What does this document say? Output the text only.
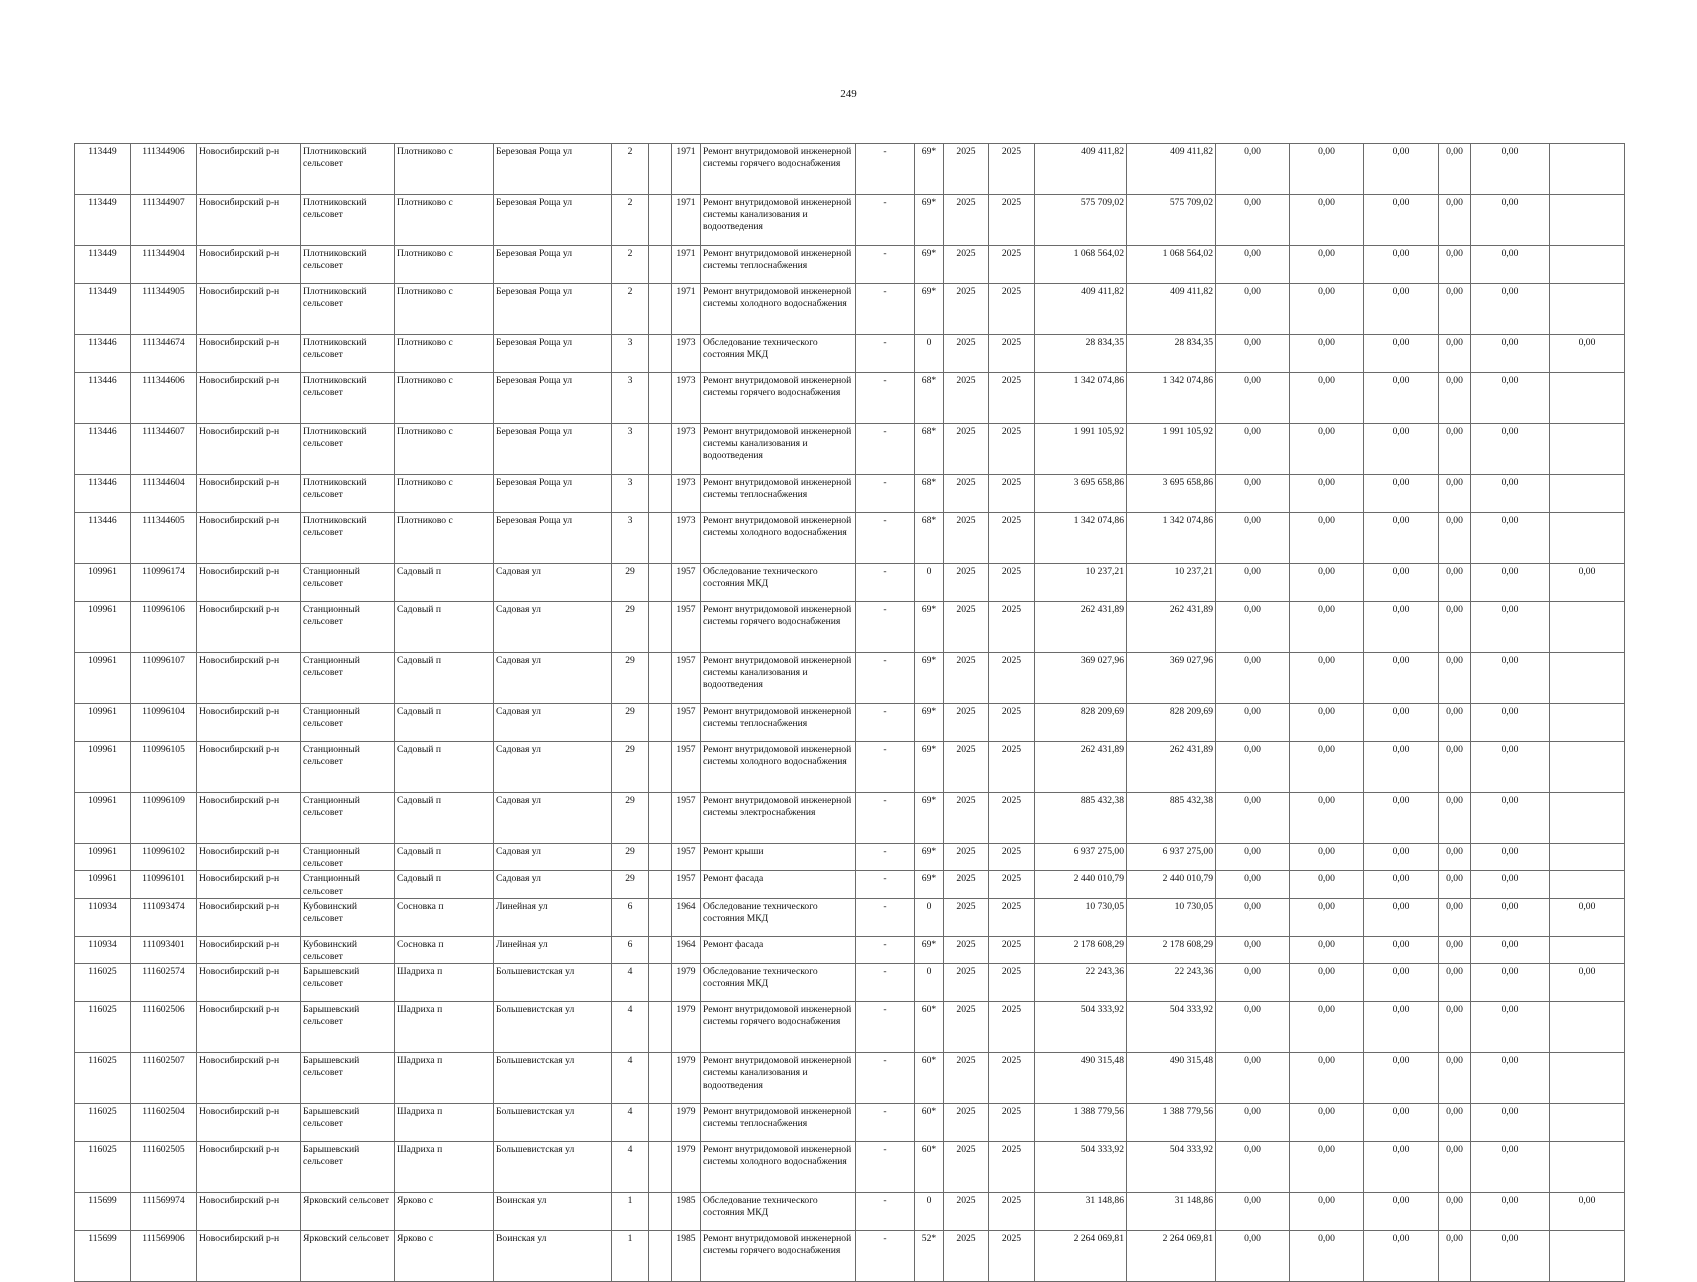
249
113449	111344906	Новосибирский р-н	Плотниковский сельсовет	Плотниково с	Березовая Роща ул	2		1971	Ремонт внутридомовой инженерной системы горячего водоснабжения	-	69*	2025	2025	409 411,82	409 411,82	0,00	0,00	0,00	0,00	0,00	
113449	111344907	Новосибирский р-н	Плотниковский сельсовет	Плотниково с	Березовая Роща ул	2		1971	Ремонт внутридомовой инженерной системы канализования и водоотведения	-	69*	2025	2025	575 709,02	575 709,02	0,00	0,00	0,00	0,00	0,00	
113449	111344904	Новосибирский р-н	Плотниковский сельсовет	Плотниково с	Березовая Роща ул	2		1971	Ремонт внутридомовой инженерной системы теплоснабжения	-	69*	2025	2025	1 068 564,02	1 068 564,02	0,00	0,00	0,00	0,00	0,00	
113449	111344905	Новосибирский р-н	Плотниковский сельсовет	Плотниково с	Березовая Роща ул	2		1971	Ремонт внутридомовой инженерной системы холодного водоснабжения	-	69*	2025	2025	409 411,82	409 411,82	0,00	0,00	0,00	0,00	0,00	
113446	111344674	Новосибирский р-н	Плотниковский сельсовет	Плотниково с	Березовая Роща ул	3		1973	Обследование технического состояния МКД	-	0	2025	2025	28 834,35	28 834,35	0,00	0,00	0,00	0,00	0,00	0,00
113446	111344606	Новосибирский р-н	Плотниковский сельсовет	Плотниково с	Березовая Роща ул	3		1973	Ремонт внутридомовой инженерной системы горячего водоснабжения	-	68*	2025	2025	1 342 074,86	1 342 074,86	0,00	0,00	0,00	0,00	0,00	
113446	111344607	Новосибирский р-н	Плотниковский сельсовет	Плотниково с	Березовая Роща ул	3		1973	Ремонт внутридомовой инженерной системы канализования и водоотведения	-	68*	2025	2025	1 991 105,92	1 991 105,92	0,00	0,00	0,00	0,00	0,00	
113446	111344604	Новосибирский р-н	Плотниковский сельсовет	Плотниково с	Березовая Роща ул	3		1973	Ремонт внутридомовой инженерной системы теплоснабжения	-	68*	2025	2025	3 695 658,86	3 695 658,86	0,00	0,00	0,00	0,00	0,00	
113446	111344605	Новосибирский р-н	Плотниковский сельсовет	Плотниково с	Березовая Роща ул	3		1973	Ремонт внутридомовой инженерной системы холодного водоснабжения	-	68*	2025	2025	1 342 074,86	1 342 074,86	0,00	0,00	0,00	0,00	0,00	
109961	110996174	Новосибирский р-н	Станционный сельсовет	Садовый п	Садовая ул	29		1957	Обследование технического состояния МКД	-	0	2025	2025	10 237,21	10 237,21	0,00	0,00	0,00	0,00	0,00	0,00
109961	110996106	Новосибирский р-н	Станционный сельсовет	Садовый п	Садовая ул	29		1957	Ремонт внутридомовой инженерной системы горячего водоснабжения	-	69*	2025	2025	262 431,89	262 431,89	0,00	0,00	0,00	0,00	0,00	
109961	110996107	Новосибирский р-н	Станционный сельсовет	Садовый п	Садовая ул	29		1957	Ремонт внутридомовой инженерной системы канализования и водоотведения	-	69*	2025	2025	369 027,96	369 027,96	0,00	0,00	0,00	0,00	0,00	
109961	110996104	Новосибирский р-н	Станционный сельсовет	Садовый п	Садовая ул	29		1957	Ремонт внутридомовой инженерной системы теплоснабжения	-	69*	2025	2025	828 209,69	828 209,69	0,00	0,00	0,00	0,00	0,00	
109961	110996105	Новосибирский р-н	Станционный сельсовет	Садовый п	Садовая ул	29		1957	Ремонт внутридомовой инженерной системы холодного водоснабжения	-	69*	2025	2025	262 431,89	262 431,89	0,00	0,00	0,00	0,00	0,00	
109961	110996109	Новосибирский р-н	Станционный сельсовет	Садовый п	Садовая ул	29		1957	Ремонт внутридомовой инженерной системы электроснабжения	-	69*	2025	2025	885 432,38	885 432,38	0,00	0,00	0,00	0,00	0,00	
109961	110996102	Новосибирский р-н	Станционный сельсовет	Садовый п	Садовая ул	29		1957	Ремонт крыши	-	69*	2025	2025	6 937 275,00	6 937 275,00	0,00	0,00	0,00	0,00	0,00	
109961	110996101	Новосибирский р-н	Станционный сельсовет	Садовый п	Садовая ул	29		1957	Ремонт фасада	-	69*	2025	2025	2 440 010,79	2 440 010,79	0,00	0,00	0,00	0,00	0,00	
110934	111093474	Новосибирский р-н	Кубовинский сельсовет	Сосновка п	Линейная ул	6		1964	Обследование технического состояния МКД	-	0	2025	2025	10 730,05	10 730,05	0,00	0,00	0,00	0,00	0,00	0,00
110934	111093401	Новосибирский р-н	Кубовинский сельсовет	Сосновка п	Линейная ул	6		1964	Ремонт фасада	-	69*	2025	2025	2 178 608,29	2 178 608,29	0,00	0,00	0,00	0,00	0,00	
116025	111602574	Новосибирский р-н	Барышевский сельсовет	Шадриха п	Большевистская ул	4		1979	Обследование технического состояния МКД	-	0	2025	2025	22 243,36	22 243,36	0,00	0,00	0,00	0,00	0,00	0,00
116025	111602506	Новосибирский р-н	Барышевский сельсовет	Шадриха п	Большевистская ул	4		1979	Ремонт внутридомовой инженерной системы горячего водоснабжения	-	60*	2025	2025	504 333,92	504 333,92	0,00	0,00	0,00	0,00	0,00	
116025	111602507	Новосибирский р-н	Барышевский сельсовет	Шадриха п	Большевистская ул	4		1979	Ремонт внутридомовой инженерной системы канализования и водоотведения	-	60*	2025	2025	490 315,48	490 315,48	0,00	0,00	0,00	0,00	0,00	
116025	111602504	Новосибирский р-н	Барышевский сельсовет	Шадриха п	Большевистская ул	4		1979	Ремонт внутридомовой инженерной системы теплоснабжения	-	60*	2025	2025	1 388 779,56	1 388 779,56	0,00	0,00	0,00	0,00	0,00	
116025	111602505	Новосибирский р-н	Барышевский сельсовет	Шадриха п	Большевистская ул	4		1979	Ремонт внутридомовой инженерной системы холодного водоснабжения	-	60*	2025	2025	504 333,92	504 333,92	0,00	0,00	0,00	0,00	0,00	
115699	111569974	Новосибирский р-н	Ярковский сельсовет	Ярково с	Воинская ул	1		1985	Обследование технического состояния МКД	-	0	2025	2025	31 148,86	31 148,86	0,00	0,00	0,00	0,00	0,00	0,00
115699	111569906	Новосибирский р-н	Ярковский сельсовет	Ярково с	Воинская ул	1		1985	Ремонт внутридомовой инженерной системы горячего водоснабжения	-	52*	2025	2025	2 264 069,81	2 264 069,81	0,00	0,00	0,00	0,00	0,00	
